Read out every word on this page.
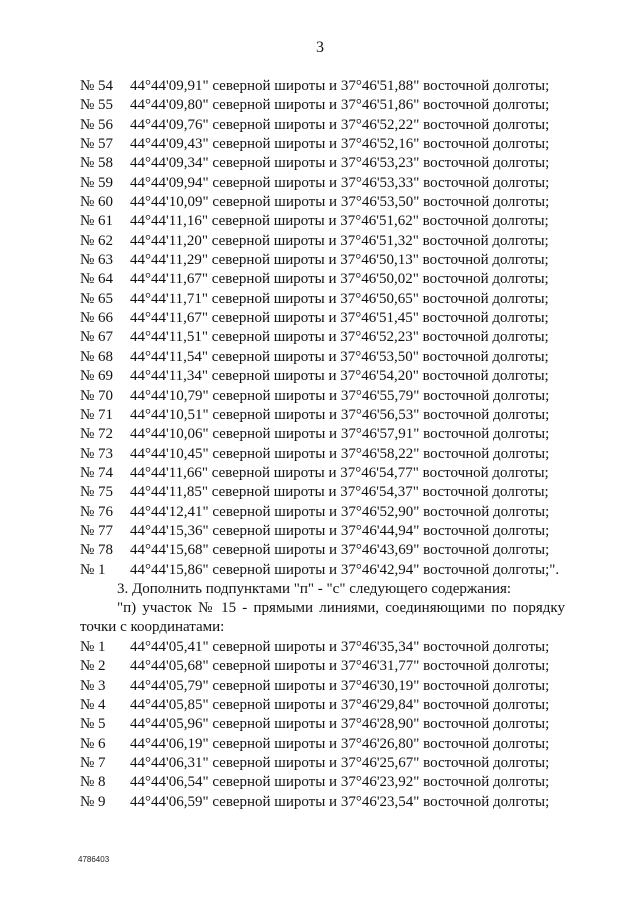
3
№ 54	44°44'09,91" северной широты и 37°46'51,88" восточной долготы;
№ 55	44°44'09,80" северной широты и 37°46'51,86" восточной долготы;
№ 56	44°44'09,76" северной широты и 37°46'52,22" восточной долготы;
№ 57	44°44'09,43" северной широты и 37°46'52,16" восточной долготы;
№ 58	44°44'09,34" северной широты и 37°46'53,23" восточной долготы;
№ 59	44°44'09,94" северной широты и 37°46'53,33" восточной долготы;
№ 60	44°44'10,09" северной широты и 37°46'53,50" восточной долготы;
№ 61	44°44'11,16" северной широты и 37°46'51,62" восточной долготы;
№ 62	44°44'11,20" северной широты и 37°46'51,32" восточной долготы;
№ 63	44°44'11,29" северной широты и 37°46'50,13" восточной долготы;
№ 64	44°44'11,67" северной широты и 37°46'50,02" восточной долготы;
№ 65	44°44'11,71" северной широты и 37°46'50,65" восточной долготы;
№ 66	44°44'11,67" северной широты и 37°46'51,45" восточной долготы;
№ 67	44°44'11,51" северной широты и 37°46'52,23" восточной долготы;
№ 68	44°44'11,54" северной широты и 37°46'53,50" восточной долготы;
№ 69	44°44'11,34" северной широты и 37°46'54,20" восточной долготы;
№ 70	44°44'10,79" северной широты и 37°46'55,79" восточной долготы;
№ 71	44°44'10,51" северной широты и 37°46'56,53" восточной долготы;
№ 72	44°44'10,06" северной широты и 37°46'57,91" восточной долготы;
№ 73	44°44'10,45" северной широты и 37°46'58,22" восточной долготы;
№ 74	44°44'11,66" северной широты и 37°46'54,77" восточной долготы;
№ 75	44°44'11,85" северной широты и 37°46'54,37" восточной долготы;
№ 76	44°44'12,41" северной широты и 37°46'52,90" восточной долготы;
№ 77	44°44'15,36" северной широты и 37°46'44,94" восточной долготы;
№ 78	44°44'15,68" северной широты и 37°46'43,69" восточной долготы;
№ 1	44°44'15,86" северной широты и 37°46'42,94" восточной долготы;".
3. Дополнить подпунктами "п" - "с" следующего содержания:
"п) участок № 15 - прямыми линиями, соединяющими по порядку точки с координатами:
№ 1	44°44'05,41" северной широты и 37°46'35,34" восточной долготы;
№ 2	44°44'05,68" северной широты и 37°46'31,77" восточной долготы;
№ 3	44°44'05,79" северной широты и 37°46'30,19" восточной долготы;
№ 4	44°44'05,85" северной широты и 37°46'29,84" восточной долготы;
№ 5	44°44'05,96" северной широты и 37°46'28,90" восточной долготы;
№ 6	44°44'06,19" северной широты и 37°46'26,80" восточной долготы;
№ 7	44°44'06,31" северной широты и 37°46'25,67" восточной долготы;
№ 8	44°44'06,54" северной широты и 37°46'23,92" восточной долготы;
№ 9	44°44'06,59" северной широты и 37°46'23,54" восточной долготы;
4786403
